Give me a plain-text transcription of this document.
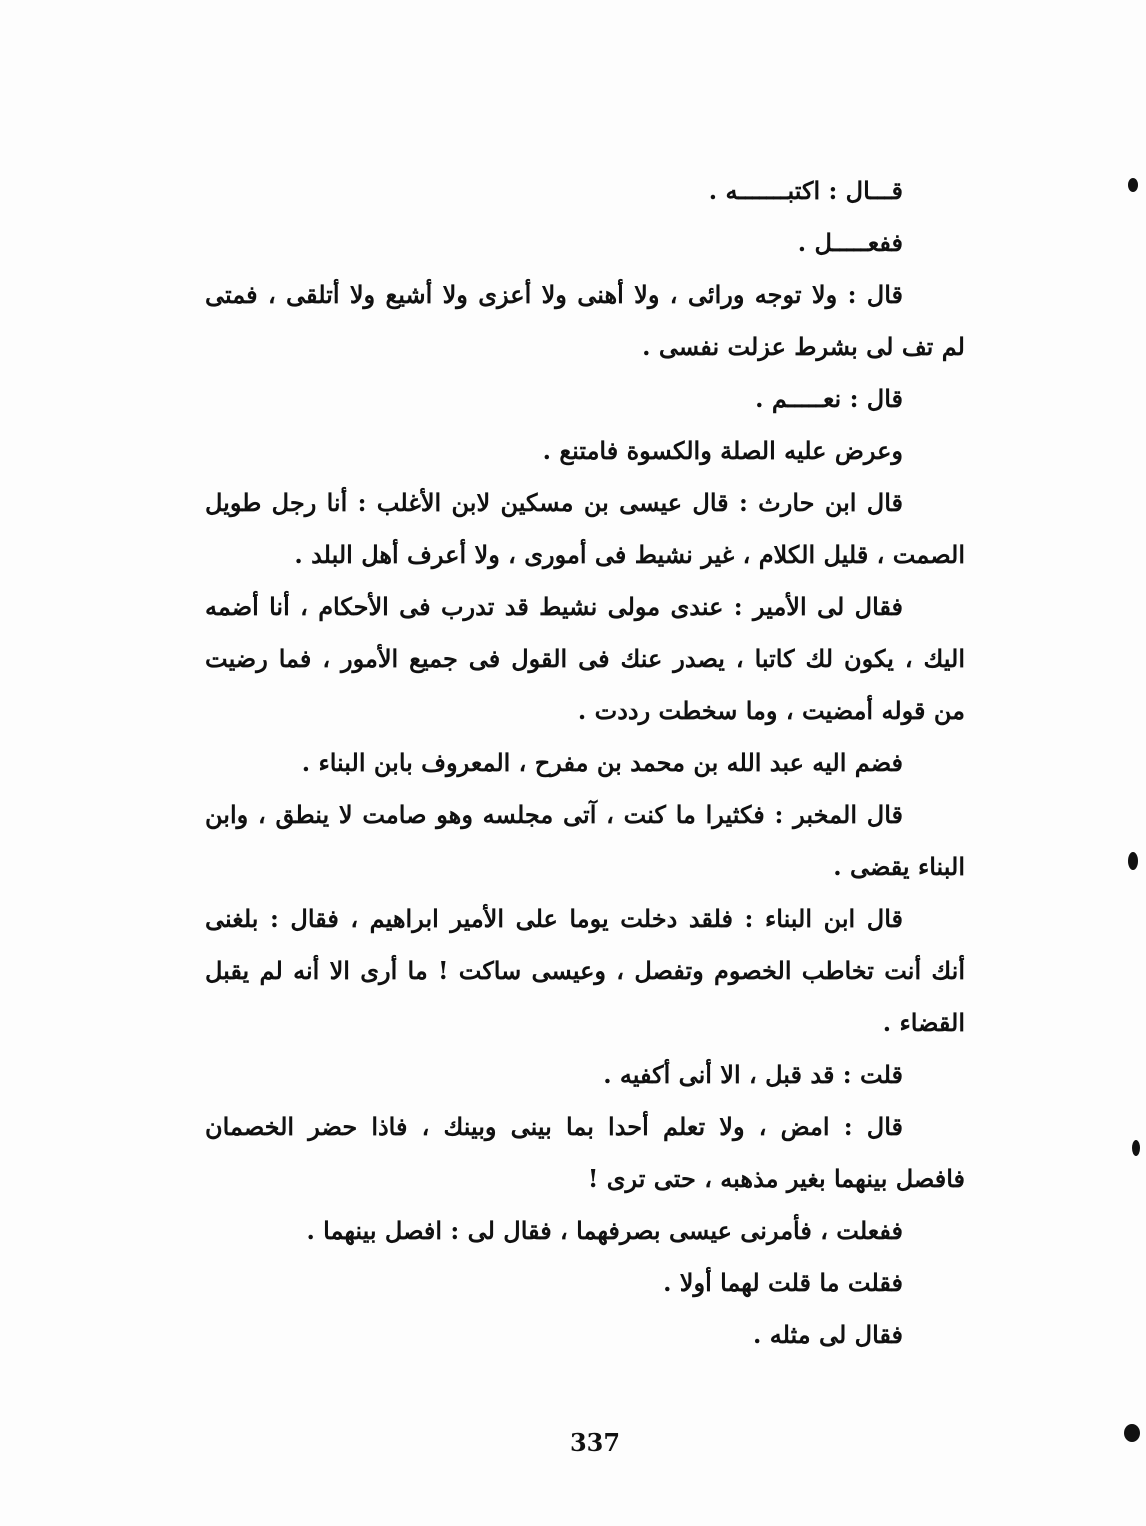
قـــال : اكتبـــــــه .

ففعـــــل .

قال : ولا توجه ورائى ، ولا أهنى ولا أعزى ولا أشيع ولا أتلقى ، فمتى لم تف لى بشرط عزلت نفسى .

قال : نعـــــم .

وعرض عليه الصلة والكسوة فامتنع .

قال ابن حارث : قال عيسى بن مسكين لابن الأغلب : أنا رجل طويل الصمت ، قليل الكلام ، غير نشيط فى أمورى ، ولا أعرف أهل البلد .

فقال لى الأمير : عندى مولى نشيط قد تدرب فى الأحكام ، أنا أضمه اليك ، يكون لك كاتبا ، يصدر عنك فى القول فى جميع الأمور ، فما رضيت من قوله أمضيت ، وما سخطت رددت .

فضم اليه عبد الله بن محمد بن مفرح ، المعروف بابن البناء .

قال المخبر : فكثيرا ما كنت ، آتى مجلسه وهو صامت لا ينطق ، وابن البناء يقضى .

قال ابن البناء : فلقد دخلت يوما على الأمير ابراهيم ، فقال : بلغنى أنك أنت تخاطب الخصوم وتفصل ، وعيسى ساكت ! ما أرى الا أنه لم يقبل القضاء .

قلت : قد قبل ، الا أنى أكفيه .

قال : امض ، ولا تعلم أحدا بما بينى وبينك ، فاذا حضر الخصمان فافصل بينهما بغير مذهبه ، حتى ترى !

ففعلت ، فأمرنى عيسى بصرفهما ، فقال لى : افصل بينهما .

فقلت ما قلت لهما أولا .

فقال لى مثله .

337
